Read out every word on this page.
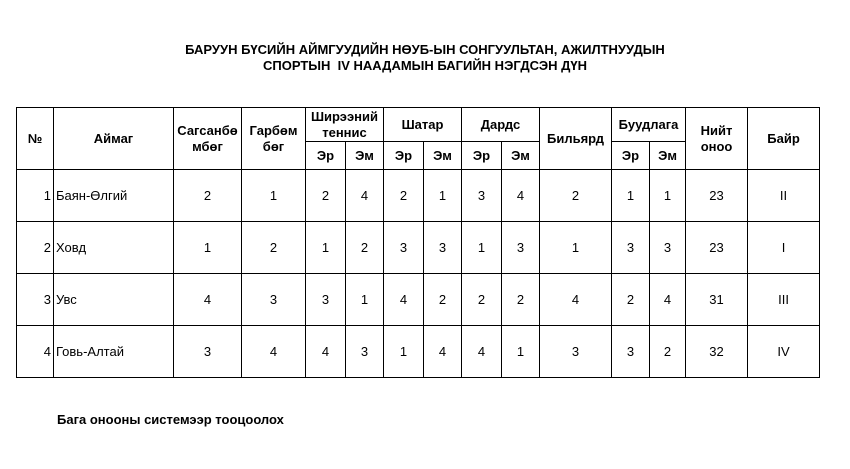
БАРУУН БҮСИЙН АЙМГУУДИЙН НӨУБ-ЫН СОНГУУЛЬТАН, АЖИЛТНУУДЫН
СПОРТЫН  IV НААДАМЫН БАГИЙН НЭГДСЭН ДҮН
№	Аймаг	Сагсанбө мбөг	Гарбөм бөг	Ширээний теннис		Шатар		Дардс		Бильярд	Буудлага		Нийт оноо	Байр
				Эр	Эм	Эр	Эм	Эр	Эм		Эр	Эм		
1	Баян-Өлгий	2	1	2	4	2	1	3	4	2	1	1	23	II
2	Ховд	1	2	1	2	3	3	1	3	1	3	3	23	I
3	Увс	4	3	3	1	4	2	2	2	4	2	4	31	III
4	Говь-Алтай	3	4	4	3	1	4	4	1	3	3	2	32	IV
Бага онооны системээр тооцоолох
